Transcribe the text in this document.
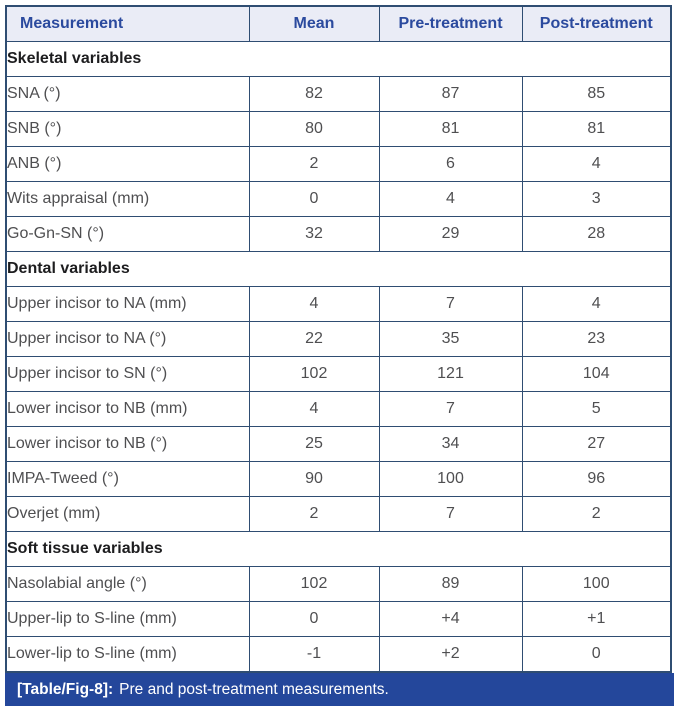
Measurement	Mean	Pre-treatment	Post-treatment
Skeletal variables			
SNA (°)	82	87	85
SNB (°)	80	81	81
ANB (°)	2	6	4
Wits appraisal (mm)	0	4	3
Go-Gn-SN (°)	32	29	28
Dental variables			
Upper incisor to NA (mm)	4	7	4
Upper incisor to NA (°)	22	35	23
Upper incisor to SN (°)	102	121	104
Lower incisor to NB (mm)	4	7	5
Lower incisor to NB (°)	25	34	27
IMPA-Tweed (°)	90	100	96
Overjet (mm)	2	7	2
Soft tissue variables			
Nasolabial angle (°)	102	89	100
Upper-lip to S-line (mm)	0	+4	+1
Lower-lip to S-line (mm)	-1	+2	0
[Table/Fig-8]: Pre and post-treatment measurements.
